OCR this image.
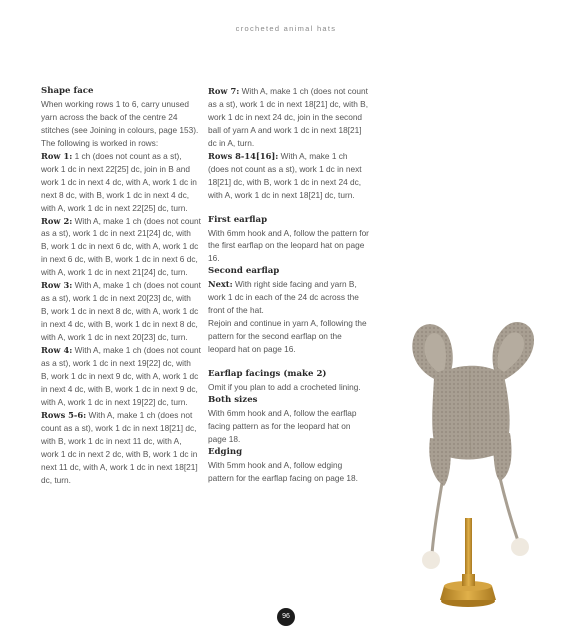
crocheted animal hats

Shape face

When working rows 1 to 6, carry unused yarn across the back of the centre 24 stitches (see Joining in colours, page 153). The following is worked in rows:

Row 1: 1 ch (does not count as a st), work 1 dc in next 22[25] dc, join in B and work 1 dc in next 4 dc, with A, work 1 dc in next 8 dc, with B, work 1 dc in next 4 dc, with A, work 1 dc in next 22[25] dc, turn.

Row 2: With A, make 1 ch (does not count as a st), work 1 dc in next 21[24] dc, with B, work 1 dc in next 6 dc, with A, work 1 dc in next 6 dc, with B, work 1 dc in next 6 dc, with A, work 1 dc in next 21[24] dc, turn.

Row 3: With A, make 1 ch (does not count as a st), work 1 dc in next 20[23] dc, with B, work 1 dc in next 8 dc, with A, work 1 dc in next 4 dc, with B, work 1 dc in next 8 dc, with A, work 1 dc in next 20[23] dc, turn.

Row 4: With A, make 1 ch (does not count as a st), work 1 dc in next 19[22] dc, with B, work 1 dc in next 9 dc, with A, work 1 dc in next 4 dc, with B, work 1 dc in next 9 dc, with A, work 1 dc in next 19[22] dc, turn.

Rows 5-6: With A, make 1 ch (does not count as a st), work 1 dc in next 18[21] dc, with B, work 1 dc in next 11 dc, with A, work 1 dc in next 2 dc, with B, work 1 dc in next 11 dc, with A, work 1 dc in next 18[21] dc, turn.

Row 7: With A, make 1 ch (does not count as a st), work 1 dc in next 18[21] dc, with B, work 1 dc in next 24 dc, join in the second ball of yarn A and work 1 dc in next 18[21] dc in A, turn.

Rows 8-14[16]: With A, make 1 ch (does not count as a st), work 1 dc in next 18[21] dc, with B, work 1 dc in next 24 dc, with A, work 1 dc in next 18[21] dc, turn.

First earflap

With 6mm hook and A, follow the pattern for the first earflap on the leopard hat on page 16.

Second earflap

Next: With right side facing and yarn B, work 1 dc in each of the 24 dc across the front of the hat.

Rejoin and continue in yarn A, following the pattern for the second earflap on the leopard hat on page 16.

Earflap facings (make 2)

Omit if you plan to add a crocheted lining.

Both sizes

With 6mm hook and A, follow the earflap facing pattern as for the leopard hat on page 18.

Edging

With 5mm hook and A, follow edging pattern for the earflap facing on page 18.

96
